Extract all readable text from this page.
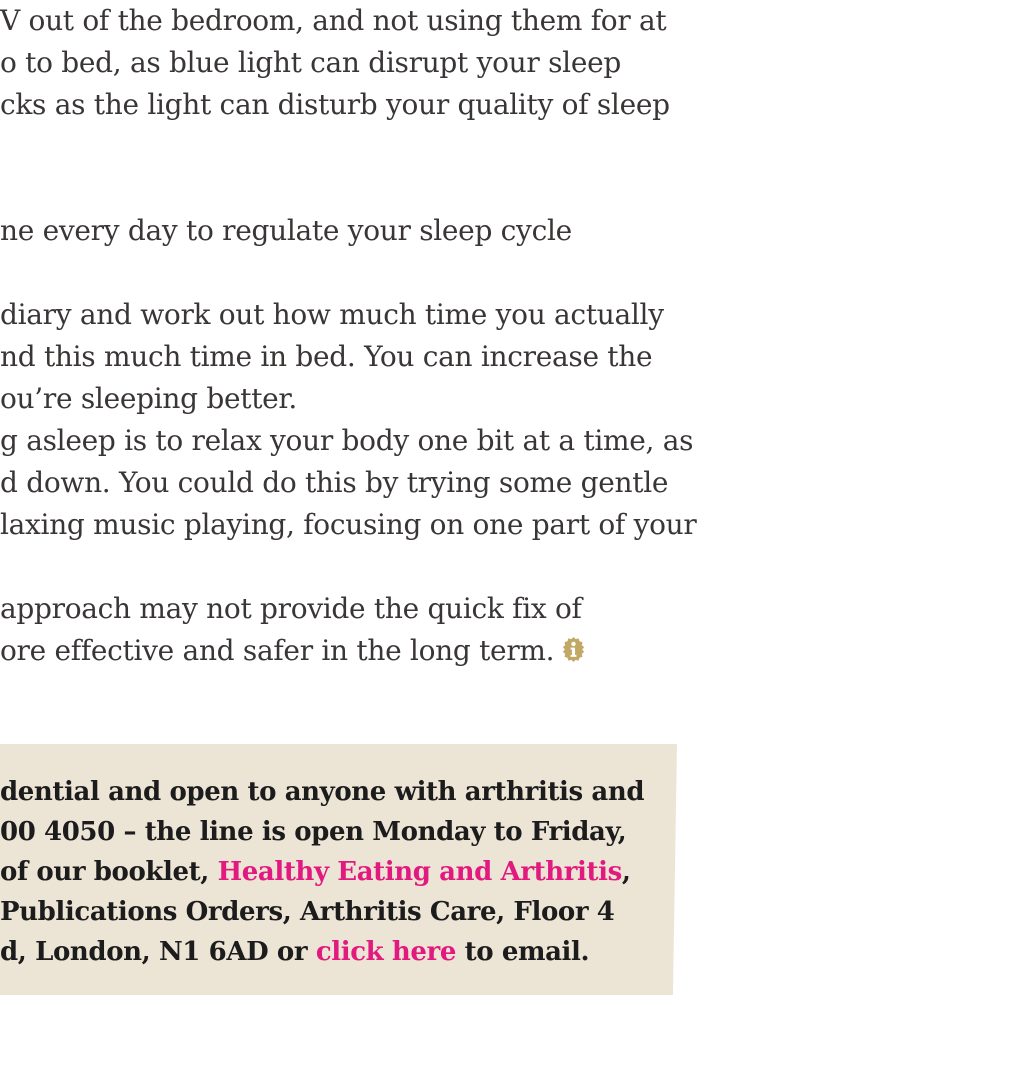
V out of the bedroom, and not using them for at

o to bed, as blue light can disrupt your sleep

cks as the light can disturb your quality of sleep

ne every day to regulate your sleep cycle

diary and work out how much time you actually

nd this much time in bed. You can increase the

ou’re sleeping better.

g asleep is to relax your body one bit at a time, as

d down. You could do this by trying some gentle

laxing music playing, focusing on one part of your

approach may not provide the quick fix of

ore effective and safer in the long term.

dential and open to anyone with arthritis and

00 4050 – the line is open Monday to Friday,

of our booklet, Healthy Eating and Arthritis,

Publications Orders, Arthritis Care, Floor 4

d, London, N1 6AD or click here to email.
